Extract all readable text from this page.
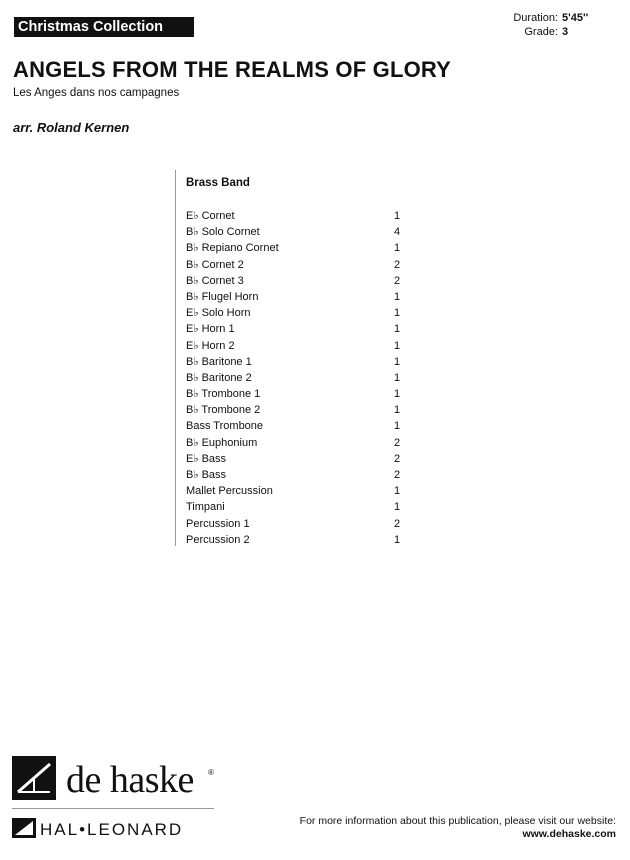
Christmas Collection
Duration: 5'45''
Grade: 3
ANGELS FROM THE REALMS OF GLORY
Les Anges dans nos campagnes
arr. Roland Kernen
Brass Band
E♭ Cornet	1
B♭ Solo Cornet	4
B♭ Repiano Cornet	1
B♭ Cornet 2	2
B♭ Cornet 3	2
B♭ Flugel Horn	1
E♭ Solo Horn	1
E♭ Horn 1	1
E♭ Horn 2	1
B♭ Baritone 1	1
B♭ Baritone 2	1
B♭ Trombone 1	1
B♭ Trombone 2	1
Bass Trombone	1
B♭ Euphonium	2
E♭ Bass	2
B♭ Bass	2
Mallet Percussion	1
Timpani	1
Percussion 1	2
Percussion 2	1
de haske ®
HAL•LEONARD	For more information about this publication, please visit our website:
www.dehaske.com
